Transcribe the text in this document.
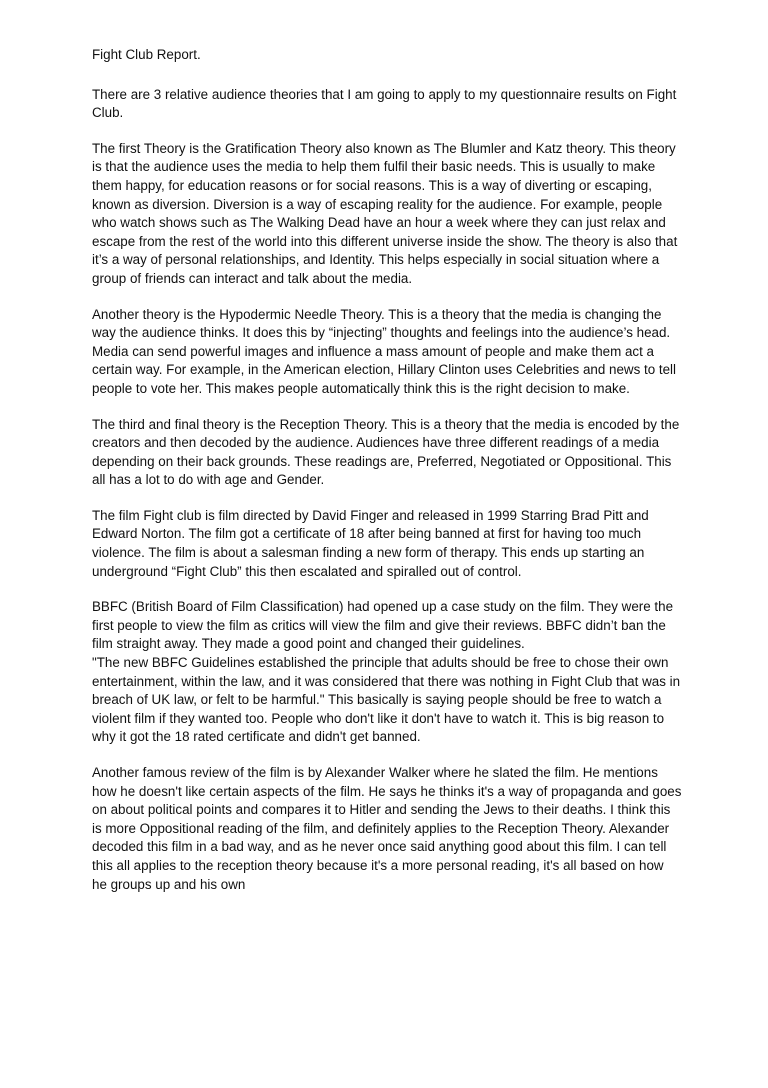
Fight Club Report.

There are 3 relative audience theories that I am going to apply to my questionnaire results on Fight Club.

The first Theory is the Gratification Theory also known as The Blumler and Katz theory. This theory is that the audience uses the media to help them fulfil their basic needs. This is usually to make them happy, for education reasons or for social reasons. This is a way of diverting or escaping, known as diversion. Diversion is a way of escaping reality for the audience. For example, people who watch shows such as The Walking Dead have an hour a week where they can just relax and escape from the rest of the world into this different universe inside the show. The theory is also that it’s a way of personal relationships, and Identity. This helps especially in social situation where a group of friends can interact and talk about the media.

Another theory is the Hypodermic Needle Theory. This is a theory that the media is changing the way the audience thinks. It does this by “injecting” thoughts and feelings into the audience’s head. Media can send powerful images and influence a mass amount of people and make them act a certain way. For example, in the American election, Hillary Clinton uses Celebrities and news to tell people to vote her. This makes people automatically think this is the right decision to make.

The third and final theory is the Reception Theory. This is a theory that the media is encoded by the creators and then decoded by the audience. Audiences have three different readings of a media depending on their back grounds. These readings are, Preferred, Negotiated or Oppositional. This all has a lot to do with age and Gender.

The film Fight club is film directed by David Finger and released in 1999 Starring Brad Pitt and Edward Norton. The film got a certificate of 18 after being banned at first for having too much violence. The film is about a salesman finding a new form of therapy. This ends up starting an underground “Fight Club” this then escalated and spiralled out of control.

BBFC (British Board of Film Classification) had opened up a case study on the film. They were the first people to view the film as critics will view the film and give their reviews. BBFC didn’t ban the film straight away. They made a good point and changed their guidelines.
"The new BBFC Guidelines established the principle that adults should be free to chose their own entertainment, within the law, and it was considered that there was nothing in Fight Club that was in breach of UK law, or felt to be harmful." This basically is saying people should be free to watch a violent film if they wanted too. People who don't like it don't have to watch it. This is big reason to why it got the 18 rated certificate and didn't get banned.

Another famous review of the film is by Alexander Walker where he slated the film. He mentions how he doesn't like certain aspects of the film. He says he thinks it's a way of propaganda and goes on about political points and compares it to Hitler and sending the Jews to their deaths. I think this is more Oppositional reading of the film, and definitely applies to the Reception Theory. Alexander decoded this film in a bad way, and as he never once said anything good about this film. I can tell this all applies to the reception theory because it's a more personal reading, it's all based on how he groups up and his own
